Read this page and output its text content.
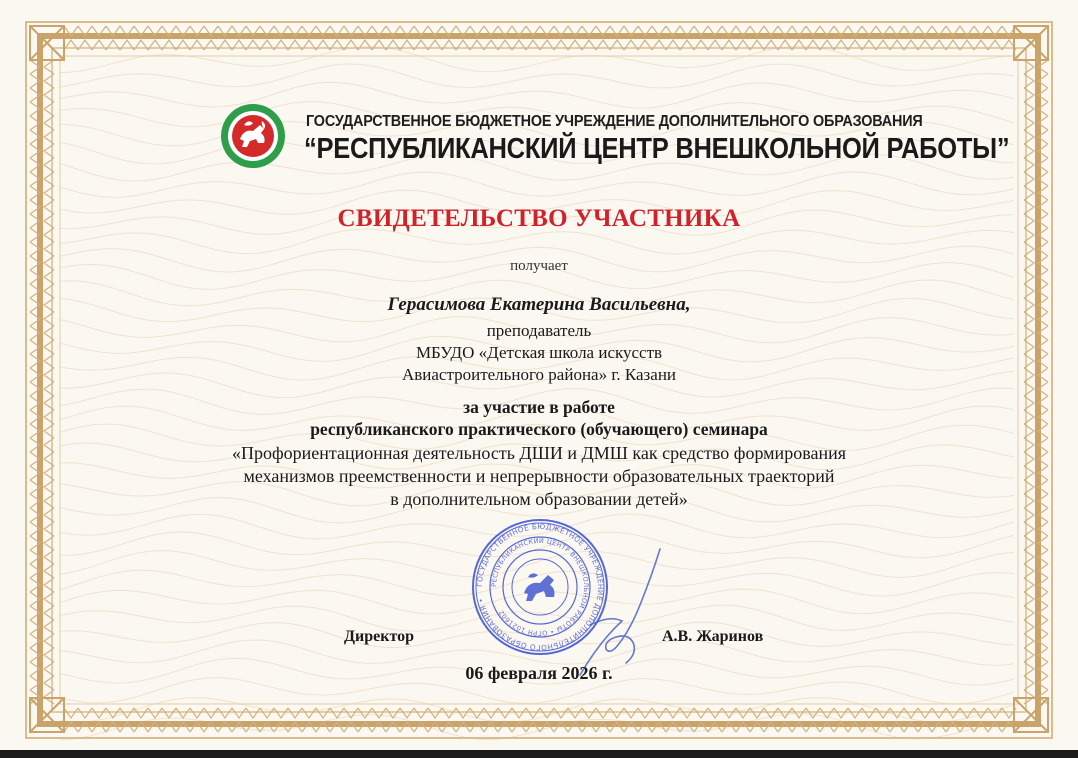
ГОСУДАРСТВЕННОЕ БЮДЖЕТНОЕ УЧРЕЖДЕНИЕ ДОПОЛНИТЕЛЬНОГО ОБРАЗОВАНИЯ
“РЕСПУБЛИКАНСКИЙ ЦЕНТР ВНЕШКОЛЬНОЙ РАБОТЫ”
СВИДЕТЕЛЬСТВО УЧАСТНИКА
получает
Герасимова Екатерина Васильевна,
преподаватель
МБУДО «Детская школа искусств
Авиастроительного района» г. Казани
за участие в работе
республиканского практического (обучающего) семинара
«Профориентационная деятельность ДШИ и ДМШ как средство формирования
механизмов преемственности и непрерывности образовательных траекторий
в дополнительном образовании детей»
ГОСУДАРСТВЕННОЕ БЮДЖЕТНОЕ УЧРЕЖДЕНИЕ ДОПОЛНИТЕЛЬНОГО ОБРАЗОВАНИЯ •
РЕСПУБЛИКАНСКИЙ ЦЕНТР ВНЕШКОЛЬНОЙ РАБОТЫ • ОГРН 1021602
Директор	А.В. Жаринов
06 февраля 2026 г.
